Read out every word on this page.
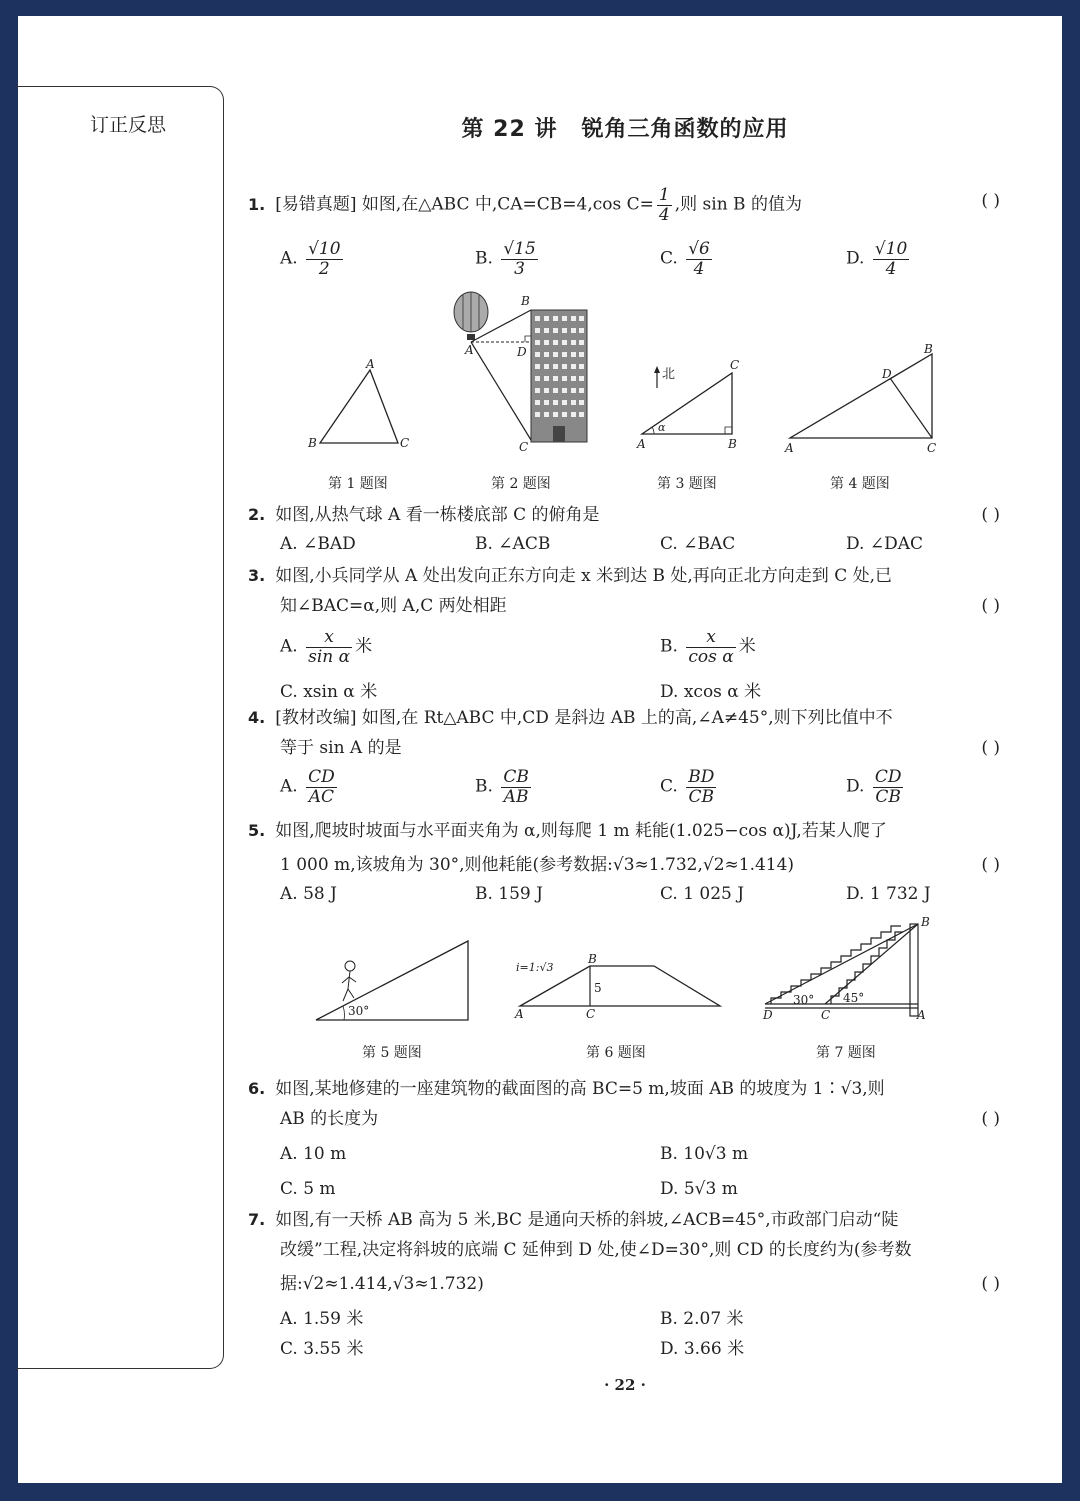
订正反思	第 22 讲 锐角三角函数的应用
1. [易错真题] 如图,在△ABC 中,CA=CB=4,cos $C= \frac{1}{4}$ ,则 sin B 的值为	( )
A. $\frac{√10}{2}$	B. $\frac{√15}{3}$	C. $\frac{√6}{4}$	D. $\frac{√10}{4}$
A
B	C
A
B
C
D
北
α
A	B
C
A
B
C
D
第 1 题图	第 2 题图	第 3 题图	第 4 题图
2. 如图,从热气球 A 看一栋楼底部 C 的俯角是	( )
A. ∠BAD	B. ∠ACB	C. ∠BAC	D. ∠DAC
3. 如图,小兵同学从 A 处出发向正东方向走 x 米到达 B 处,再向正北方向走到 C 处,已
知∠BAC=α,则 A,C 两处相距	( )
A. $\frac{x}{\text{sin α}}$ 米	B. $\frac{x}{\text{cos α}}$ 米
C. xsin α 米	D. xcos α 米
4. [教材改编] 如图,在 Rt△ABC 中,CD 是斜边 AB 上的高,∠A≠45°,则下列比值中不
等于 sin A 的是	( )
A. $\frac{CD}{AC}$	B. $\frac{CB}{AB}$	C. $\frac{BD}{CB}$	D. $\frac{CD}{CB}$
5. 如图,爬坡时坡面与水平面夹角为 α,则每爬 1 m 耗能(1.025−cos α)J,若某人爬了
1 000 m,该坡角为 30°,则他耗能(参考数据:√3≈1.732,√2≈1.414)	( )
A. 58 J	B. 159 J	C. 1 025 J	D. 1 732 J
30°
i=1:√3
A
B
C
5
30° 45°
D	C	A
B
第 5 题图	第 6 题图	第 7 题图
6. 如图,某地修建的一座建筑物的截面图的高 BC=5 m,坡面 AB 的坡度为 1∶√3,则
AB 的长度为	( )
A. 10 m	B. 10√3 m
C. 5 m	D. 5√3 m
7. 如图,有一天桥 AB 高为 5 米,BC 是通向天桥的斜坡,∠ACB=45°,市政部门启动“陡
改缓”工程,决定将斜坡的底端 C 延伸到 D 处,使∠D=30°,则 CD 的长度约为(参考数
据:√2≈1.414,√3≈1.732)	( )
A. 1.59 米	B. 2.07 米
C. 3.55 米	D. 3.66 米
· 22 ·
